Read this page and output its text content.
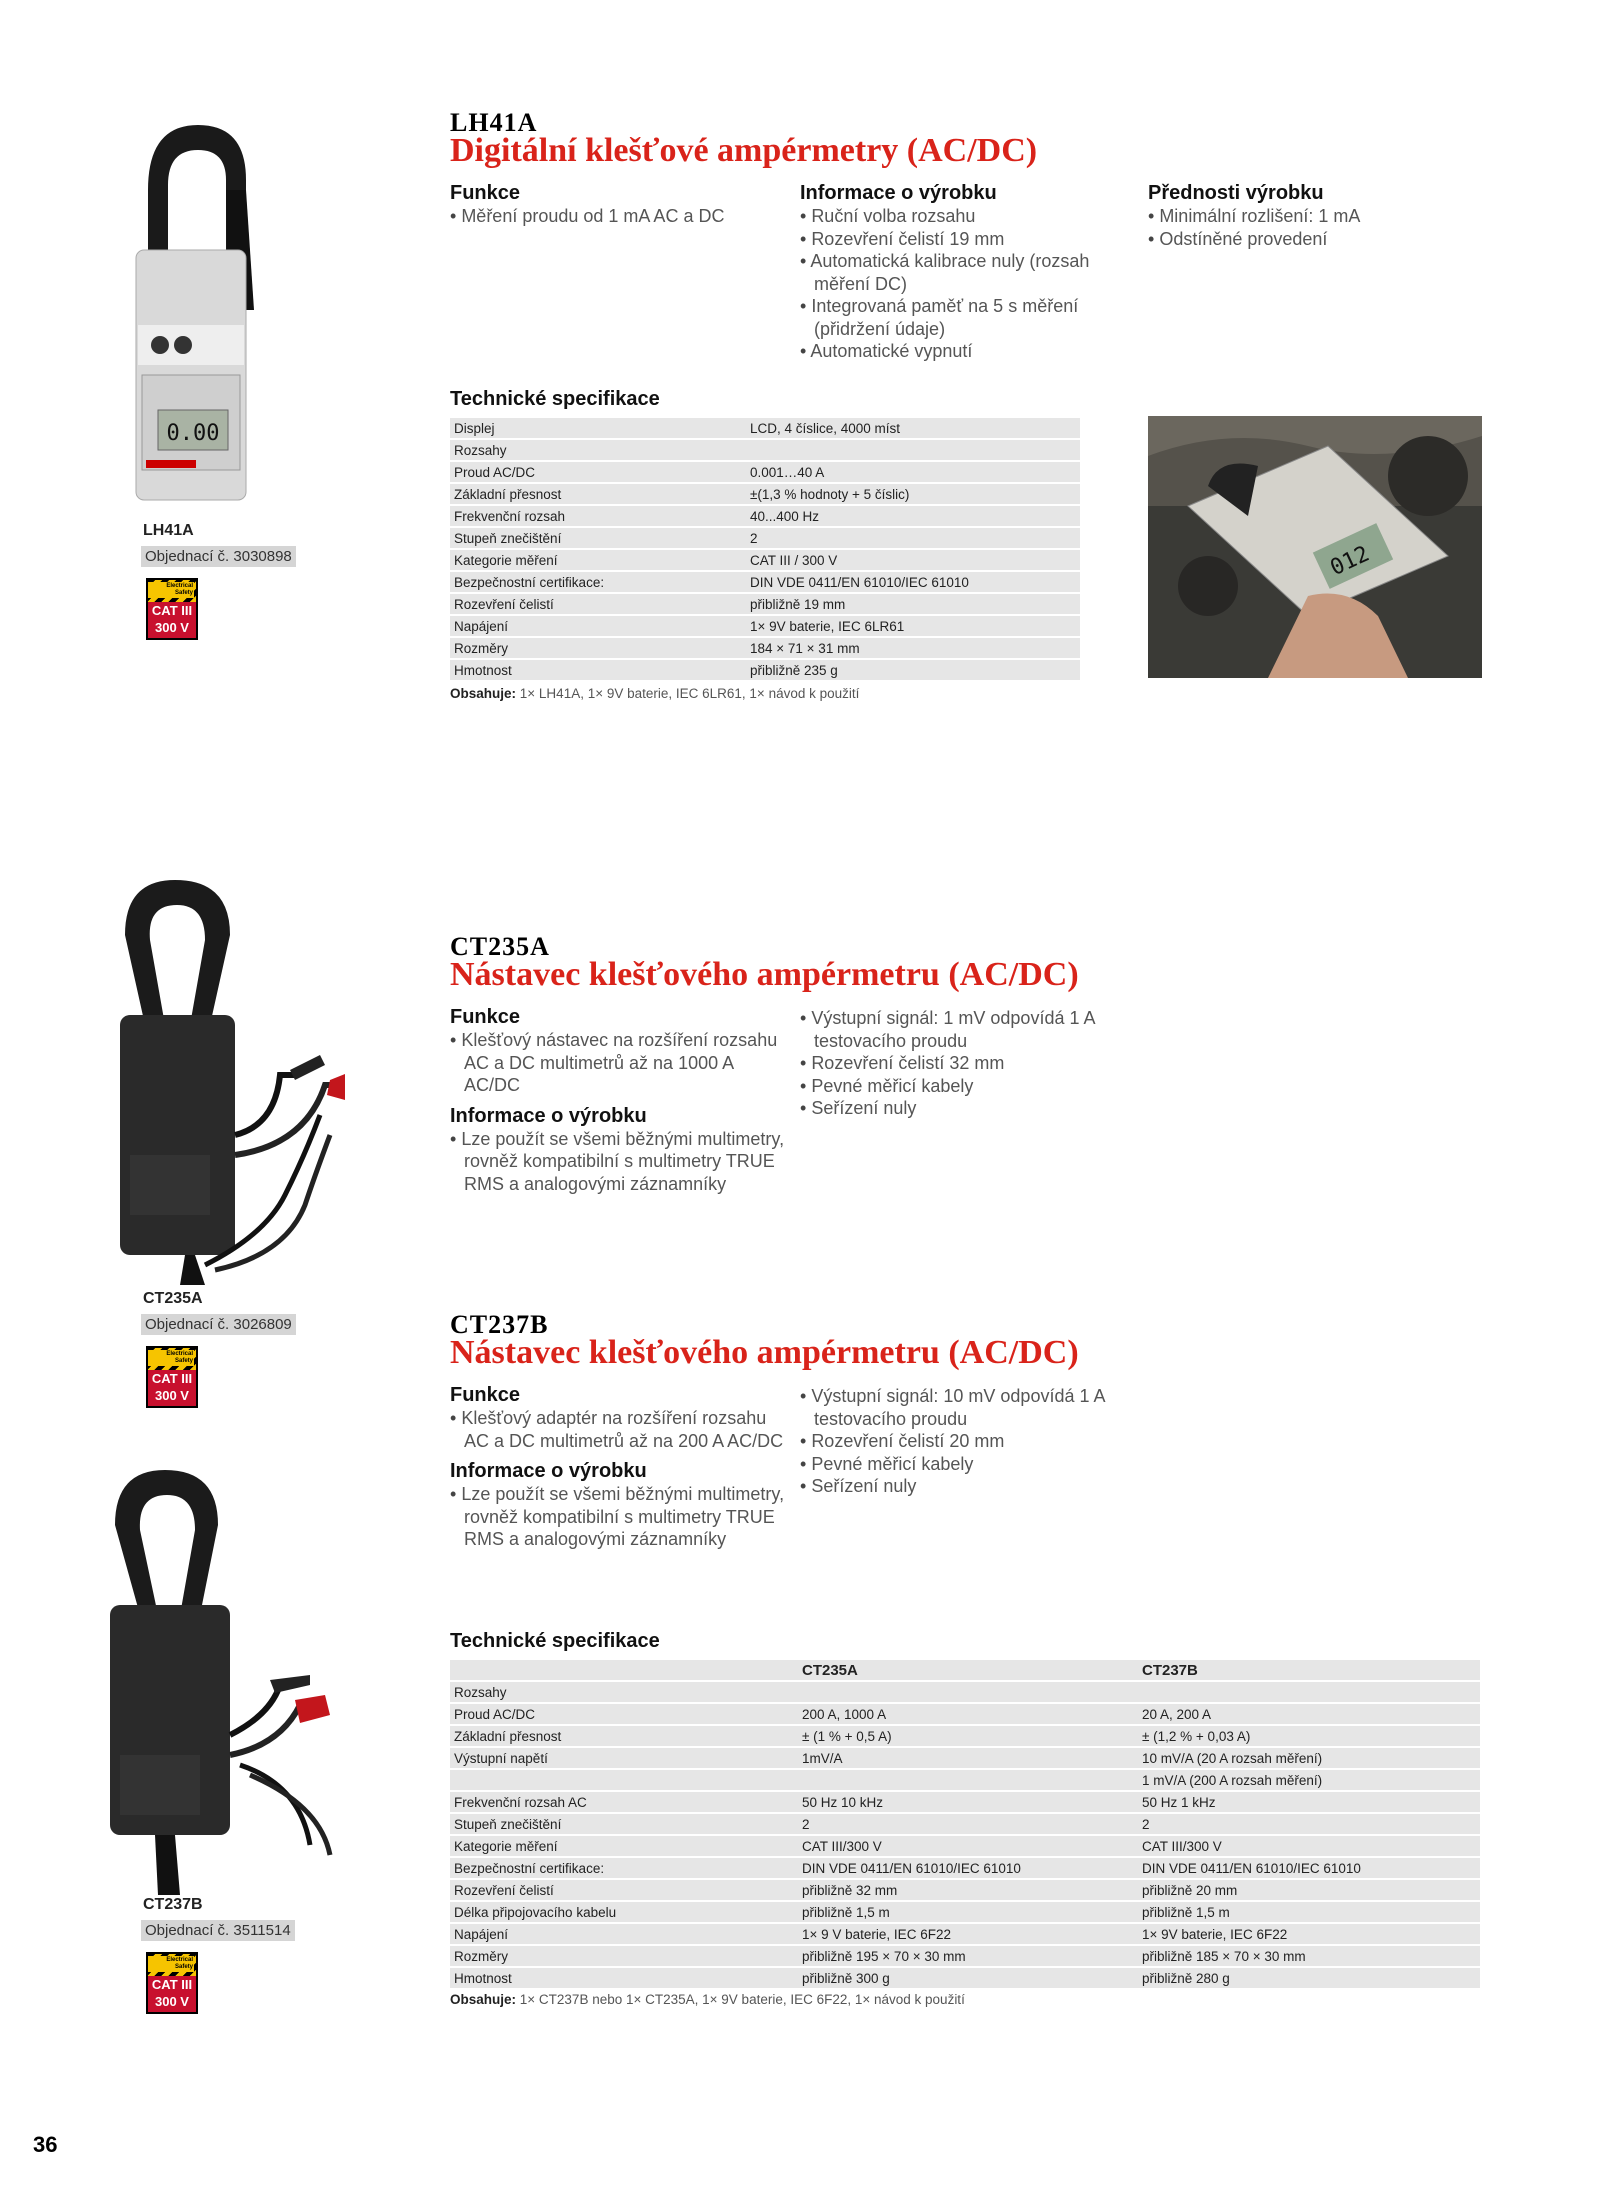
0.00
LH41A
Objednací č. 3030898
Electrical Safety
CAT III
300 V
LH41A
Digitální klešťové ampérmetry (AC/DC)
Funkce
• Měření proudu od 1 mA AC a DC
Informace o výrobku
• Ruční volba rozsahu
• Rozevření čelistí 19 mm
• Automatická kalibrace nuly (rozsah měření DC)
• Integrovaná paměť na 5 s měření (přidržení údaje)
• Automatické vypnutí
Přednosti výrobku
• Minimální rozlišení: 1 mA
• Odstíněné provedení
Technické specifikace
Displej	LCD, 4 číslice, 4000 míst
Rozsahy	
Proud AC/DC	0.001…40 A
Základní přesnost	±(1,3 % hodnoty + 5 číslic)
Frekvenční rozsah	40...400 Hz
Stupeň znečištění	2
Kategorie měření	CAT III / 300 V
Bezpečnostní certifikace:	DIN VDE 0411/EN 61010/IEC 61010
Rozevření čelistí	přibližně 19 mm
Napájení	1× 9V baterie, IEC 6LR61
Rozměry	184 × 71 × 31 mm
Hmotnost	přibližně 235 g
Obsahuje: 1× LH41A, 1× 9V baterie, IEC 6LR61, 1× návod k použití
012
CT235A
Objednací č. 3026809
Electrical Safety
CAT III
300 V
CT235A
Nástavec klešťového ampérmetru (AC/DC)
Funkce
• Klešťový nástavec na rozšíření rozsahu AC a DC multimetrů až na 1000 A AC/DC
Informace o výrobku
• Lze použít se všemi běžnými multimetry, rovněž kompatibilní s multimetry TRUE RMS a analogovými záznamníky
• Výstupní signál: 1 mV odpovídá 1 A testovacího proudu
• Rozevření čelistí 32 mm
• Pevné měřicí kabely
• Seřízení nuly
CT237B
Objednací č. 3511514
Electrical Safety
CAT III
300 V
CT237B
Nástavec klešťového ampérmetru (AC/DC)
Funkce
• Klešťový adaptér na rozšíření rozsahu AC a DC multimetrů až na 200 A AC/DC
Informace o výrobku
• Lze použít se všemi běžnými multimetry, rovněž kompatibilní s multimetry TRUE RMS a analogovými záznamníky
• Výstupní signál: 10 mV odpovídá 1 A testovacího proudu
• Rozevření čelistí 20 mm
• Pevné měřicí kabely
• Seřízení nuly
Technické specifikace
	CT235A	CT237B
Rozsahy		
Proud AC/DC	200 A, 1000 A	20 A, 200 A
Základní přesnost	± (1 % + 0,5 A)	± (1,2 % + 0,03 A)
Výstupní napětí	1mV/A	10 mV/A (20 A rozsah měření)
		1 mV/A (200 A rozsah měření)
Frekvenční rozsah AC	50 Hz 10 kHz	50 Hz 1 kHz
Stupeň znečištění	2	2
Kategorie měření	CAT III/300 V	CAT III/300 V
Bezpečnostní certifikace:	DIN VDE 0411/EN 61010/IEC 61010	DIN VDE 0411/EN 61010/IEC 61010
Rozevření čelistí	přibližně 32 mm	přibližně 20 mm
Délka připojovacího kabelu	přibližně 1,5 m	přibližně 1,5 m
Napájení	1× 9 V baterie, IEC 6F22	1× 9V baterie, IEC 6F22
Rozměry	přibližně 195 × 70 × 30 mm	přibližně 185 × 70 × 30 mm
Hmotnost	přibližně 300 g	přibližně 280 g
Obsahuje: 1× CT237B nebo 1× CT235A, 1× 9V baterie, IEC 6F22, 1× návod k použití
36
